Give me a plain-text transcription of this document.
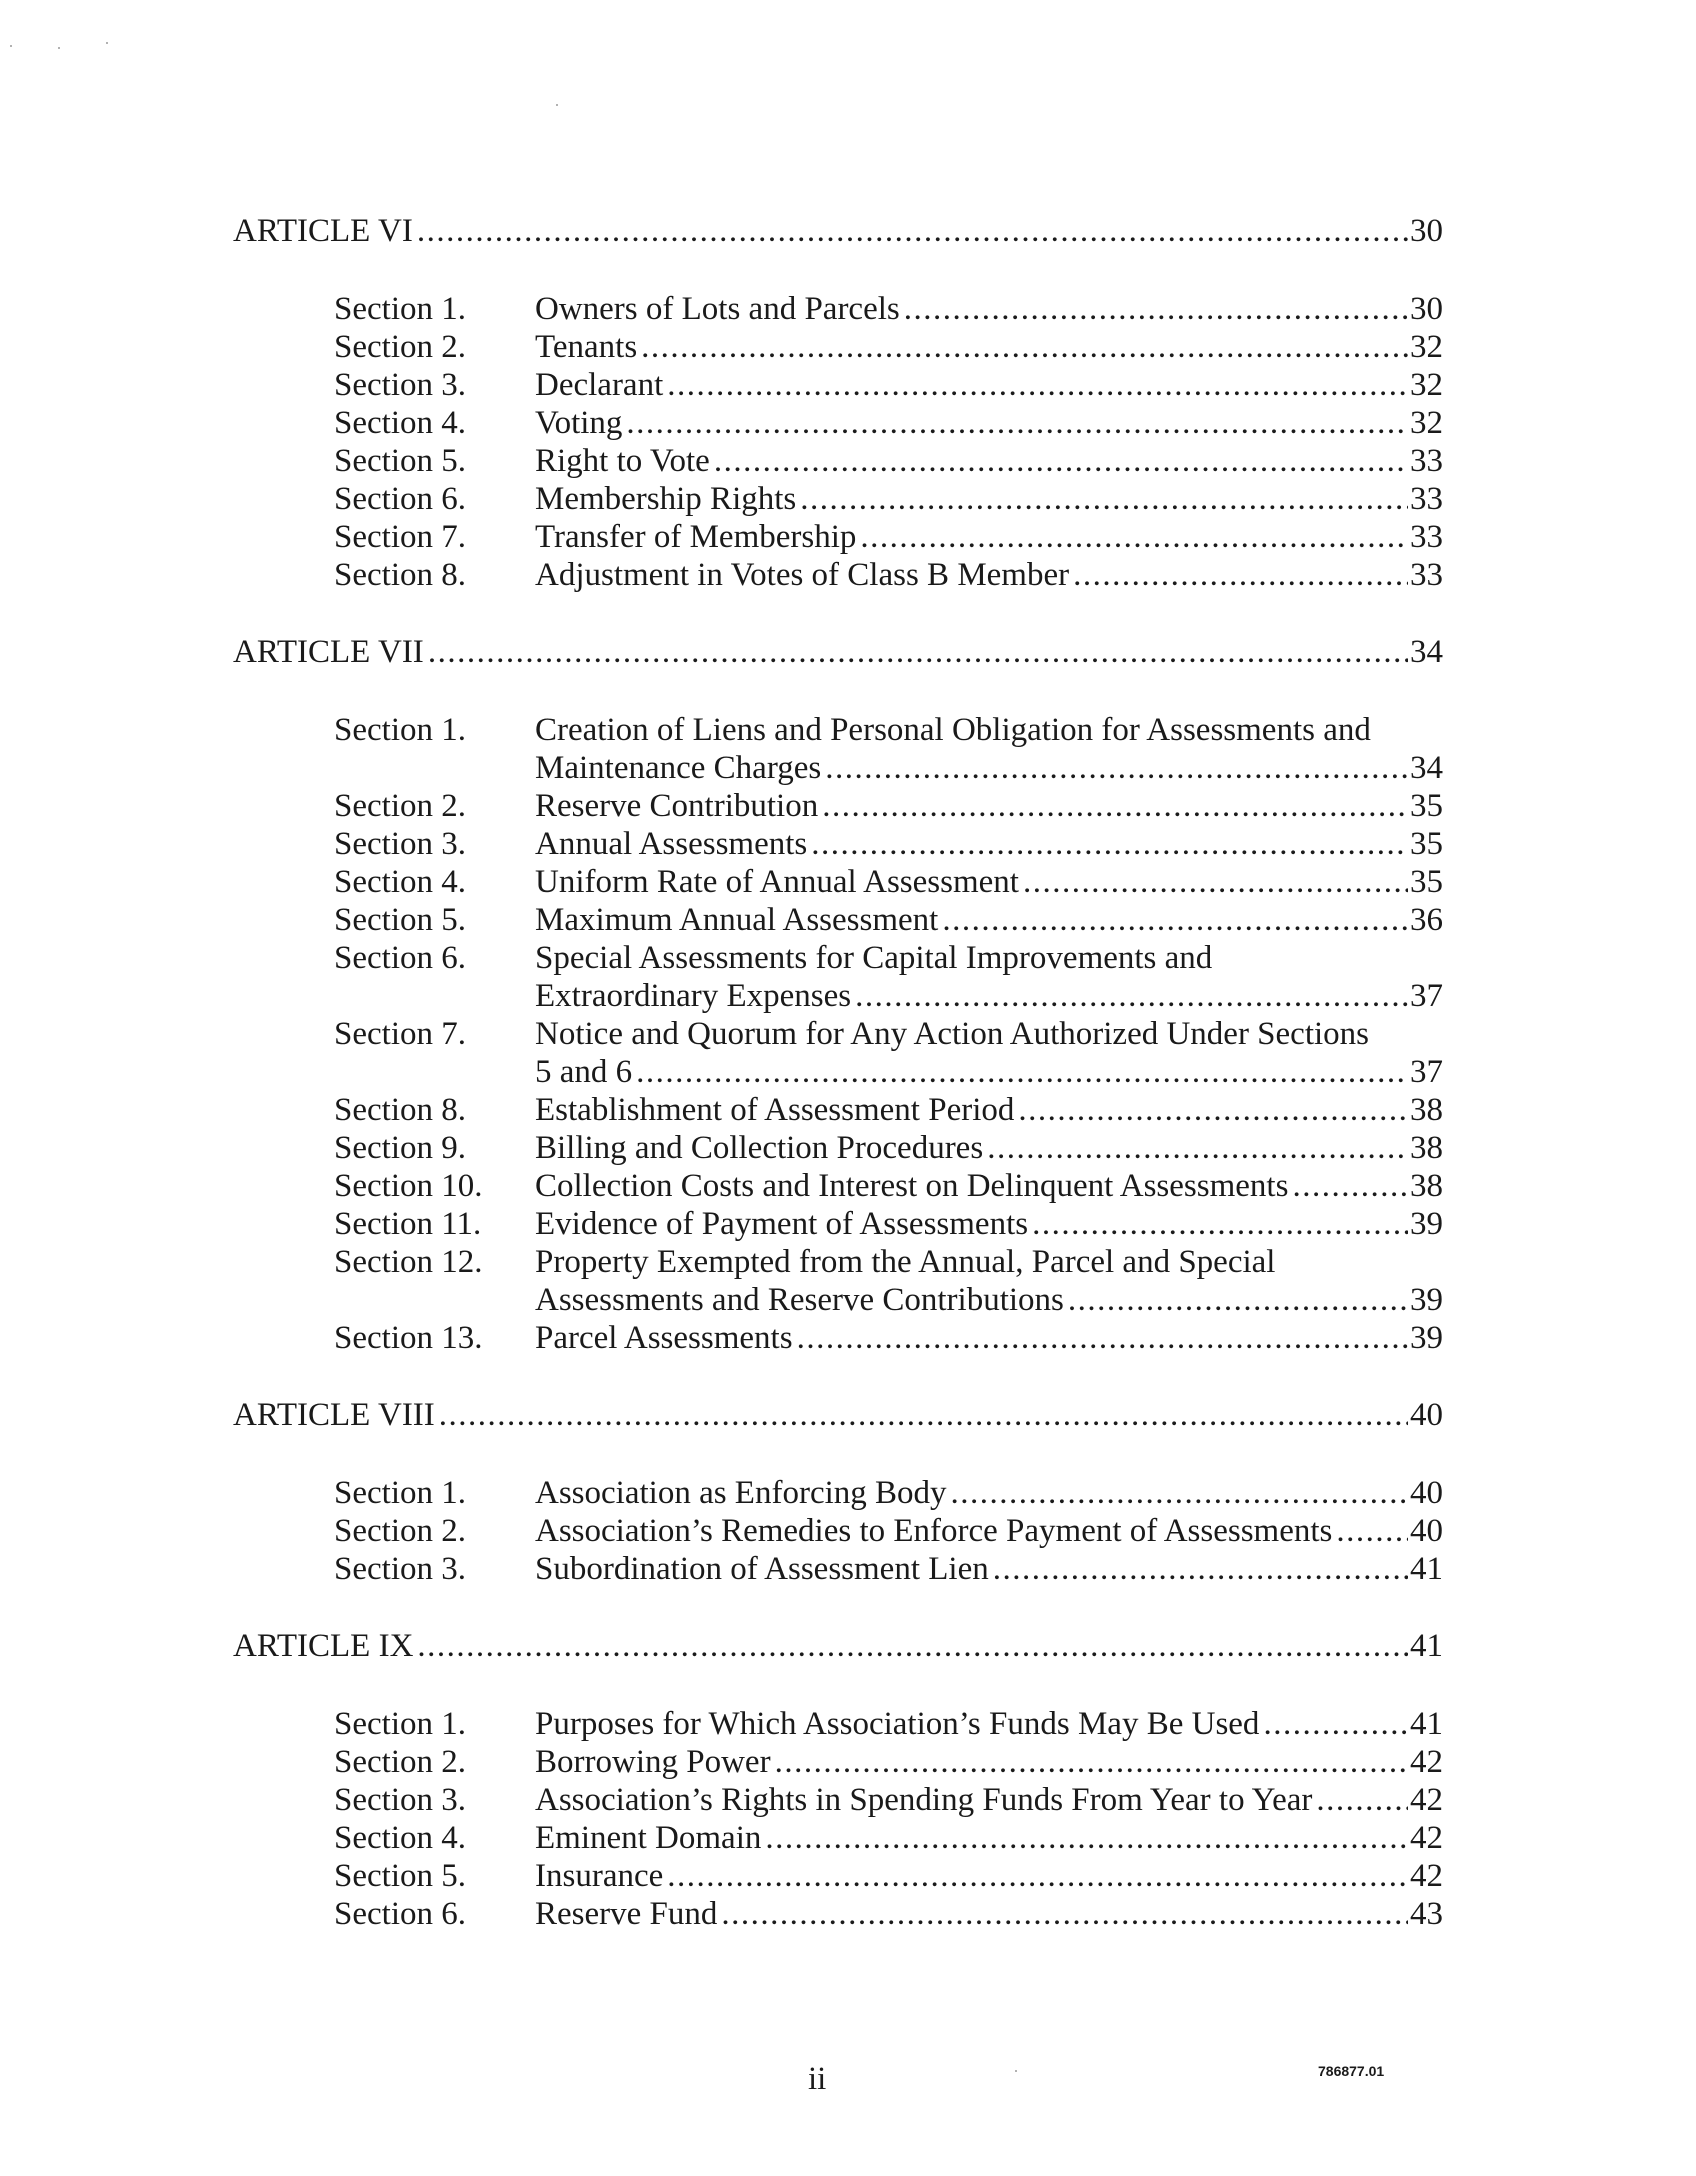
ARTICLE VI .....	30
Section 1. Owners of Lots and Parcels .....	30
Section 2. Tenants .....	32
Section 3. Declarant .....	32
Section 4. Voting .....	32
Section 5. Right to Vote .....	33
Section 6. Membership Rights .....	33
Section 7. Transfer of Membership .....	33
Section 8. Adjustment in Votes of Class B Member .....	33
ARTICLE VII .....	34
Section 1. Creation of Liens and Personal Obligation for Assessments and
Maintenance Charges .....	34
Section 2. Reserve Contribution .....	35
Section 3. Annual Assessments .....	35
Section 4. Uniform Rate of Annual Assessment .....	35
Section 5. Maximum Annual Assessment .....	36
Section 6. Special Assessments for Capital Improvements and
Extraordinary Expenses .....	37
Section 7. Notice and Quorum for Any Action Authorized Under Sections
5 and 6 .....	37
Section 8. Establishment of Assessment Period .....	38
Section 9. Billing and Collection Procedures .....	38
Section 10. Collection Costs and Interest on Delinquent Assessments .....	38
Section 11. Evidence of Payment of Assessments .....	39
Section 12. Property Exempted from the Annual, Parcel and Special
Assessments and Reserve Contributions .....	39
Section 13. Parcel Assessments .....	39
ARTICLE VIII .....	40
Section 1. Association as Enforcing Body .....	40
Section 2. Association’s Remedies to Enforce Payment of Assessments ..... 40
Section 3. Subordination of Assessment Lien .....	41
ARTICLE IX .....	41
Section 1. Purposes for Which Association’s Funds May Be Used .....	41
Section 2. Borrowing Power .....	42
Section 3. Association’s Rights in Spending Funds From Year to Year .....	42
Section 4. Eminent Domain .....	42
Section 5. Insurance .....	42
Section 6. Reserve Fund .....	43
ii	786877.01
